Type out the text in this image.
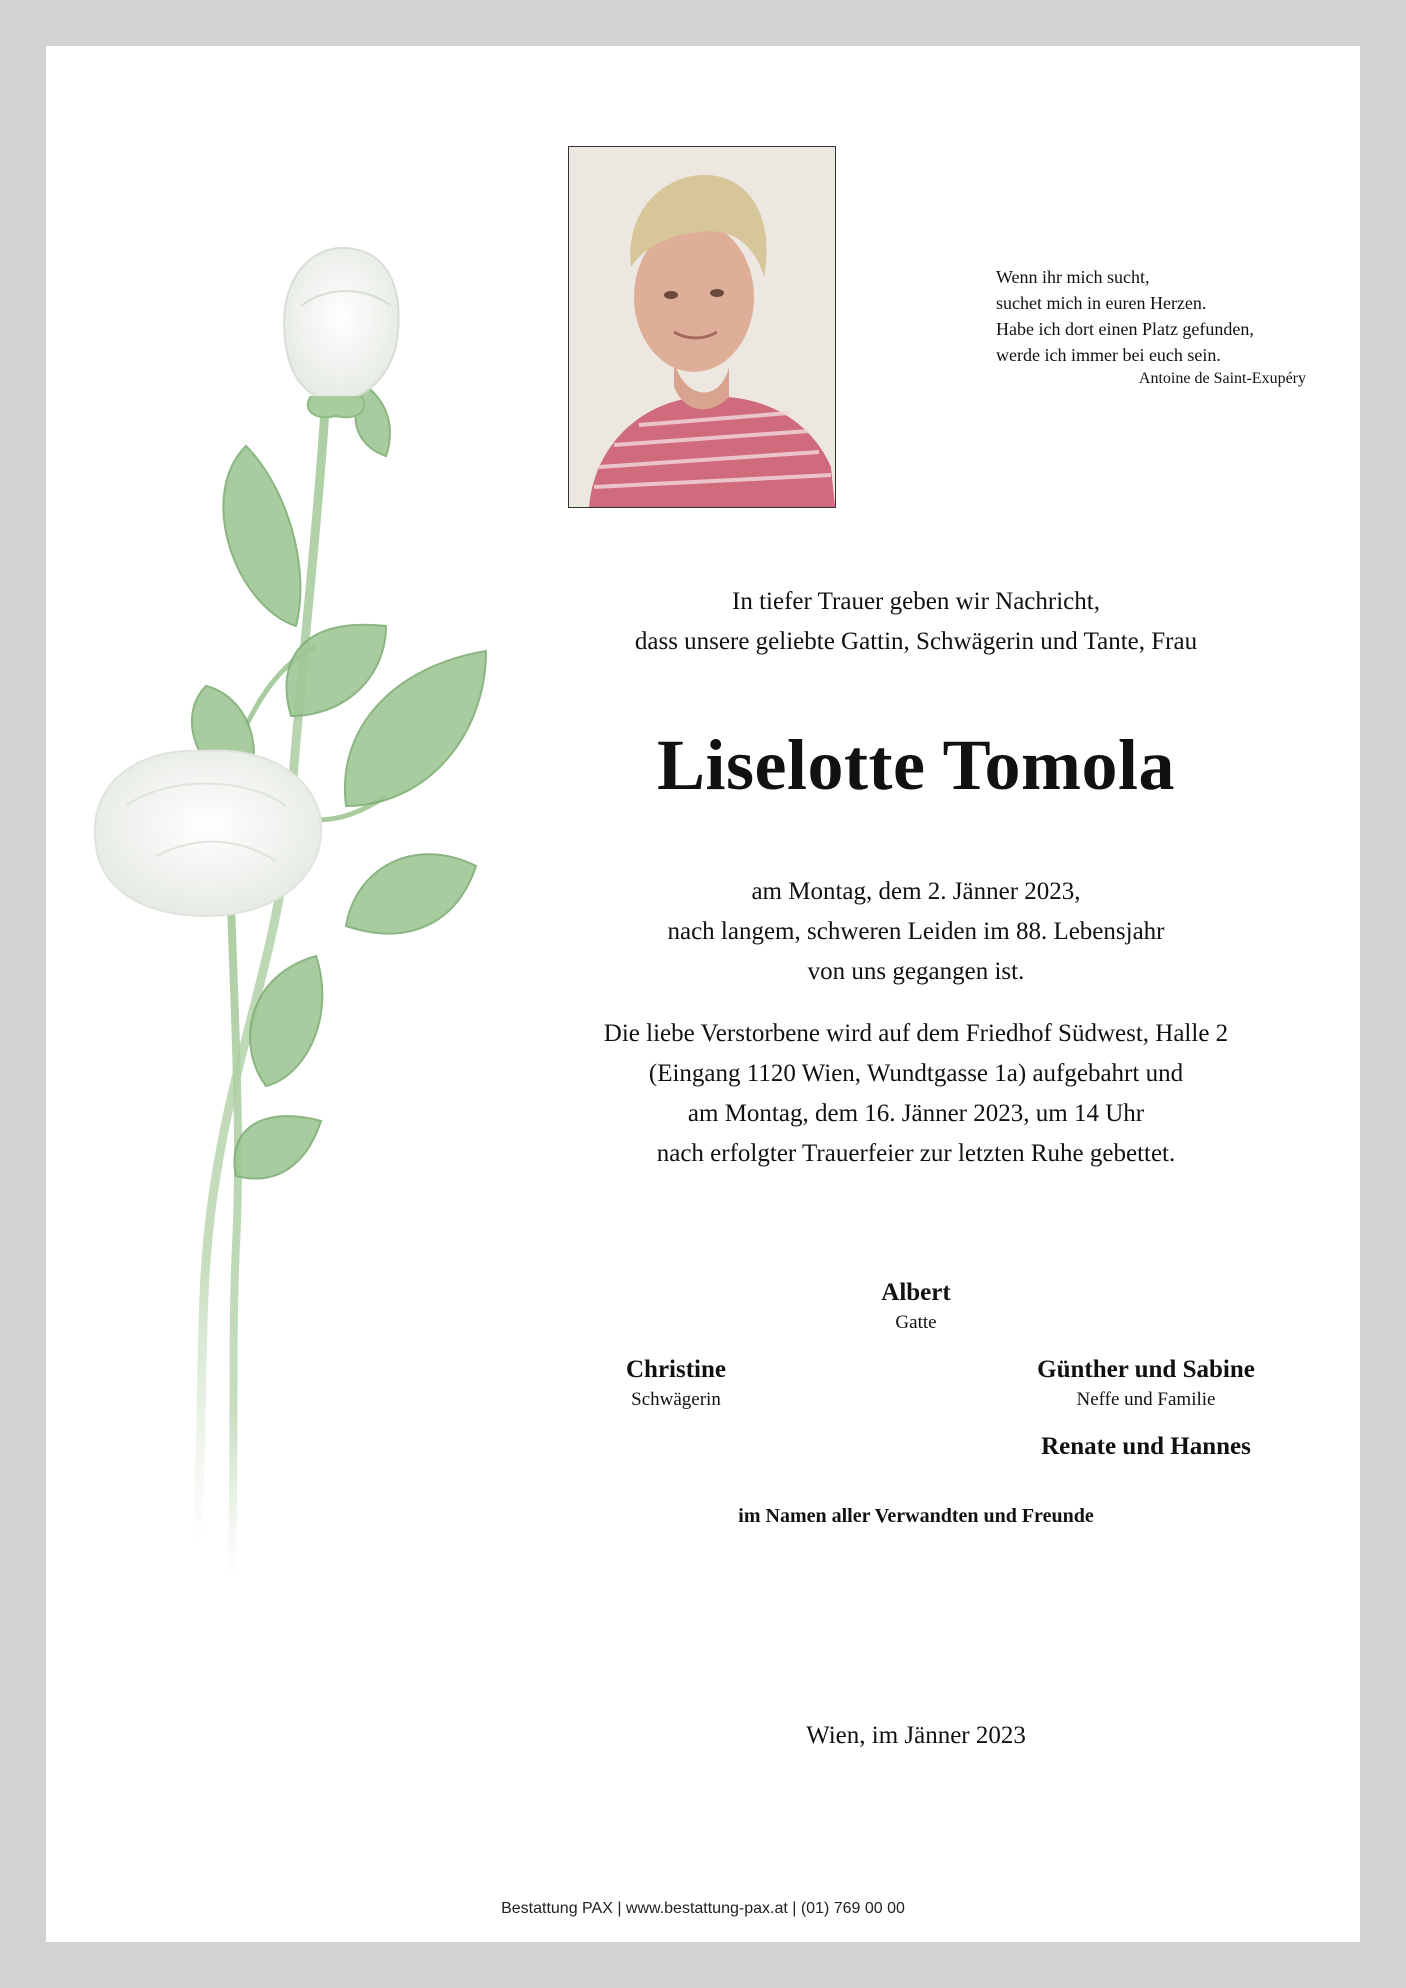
Wenn ihr mich sucht,
suchet mich in euren Herzen.
Habe ich dort einen Platz gefunden,
werde ich immer bei euch sein.
Antoine de Saint-Exupéry
In tiefer Trauer geben wir Nachricht,
dass unsere geliebte Gattin, Schwägerin und Tante, Frau
Liselotte Tomola
am Montag, dem 2. Jänner 2023,
nach langem, schweren Leiden im 88. Lebensjahr
von uns gegangen ist.
Die liebe Verstorbene wird auf dem Friedhof Südwest, Halle 2
(Eingang 1120 Wien, Wundtgasse 1a) aufgebahrt und
am Montag, dem 16. Jänner 2023, um 14 Uhr
nach erfolgter Trauerfeier zur letzten Ruhe gebettet.
Albert
Gatte
Christine
Schwägerin
Günther und Sabine
Neffe und Familie
Renate und Hannes
im Namen aller Verwandten und Freunde
Wien, im Jänner 2023
Bestattung PAX | www.bestattung-pax.at | (01) 769 00 00
